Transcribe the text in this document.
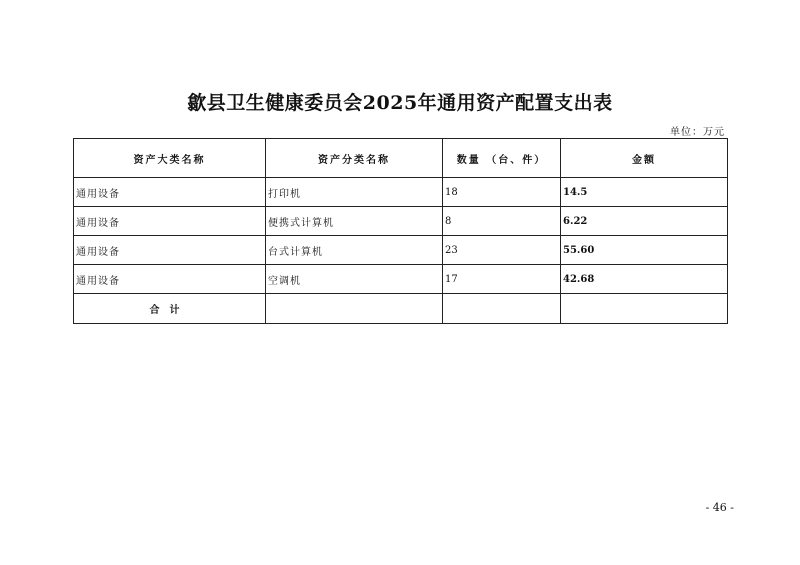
歙县卫生健康委员会2025年通用资产配置支出表
单位：万元
资产大类名称	资产分类名称	数量 （台、件）	金额
通用设备	打印机	18	14.5
通用设备	便携式计算机	8	6.22
通用设备	台式计算机	23	55.60
通用设备	空调机	17	42.68
合计			
- 46 -
